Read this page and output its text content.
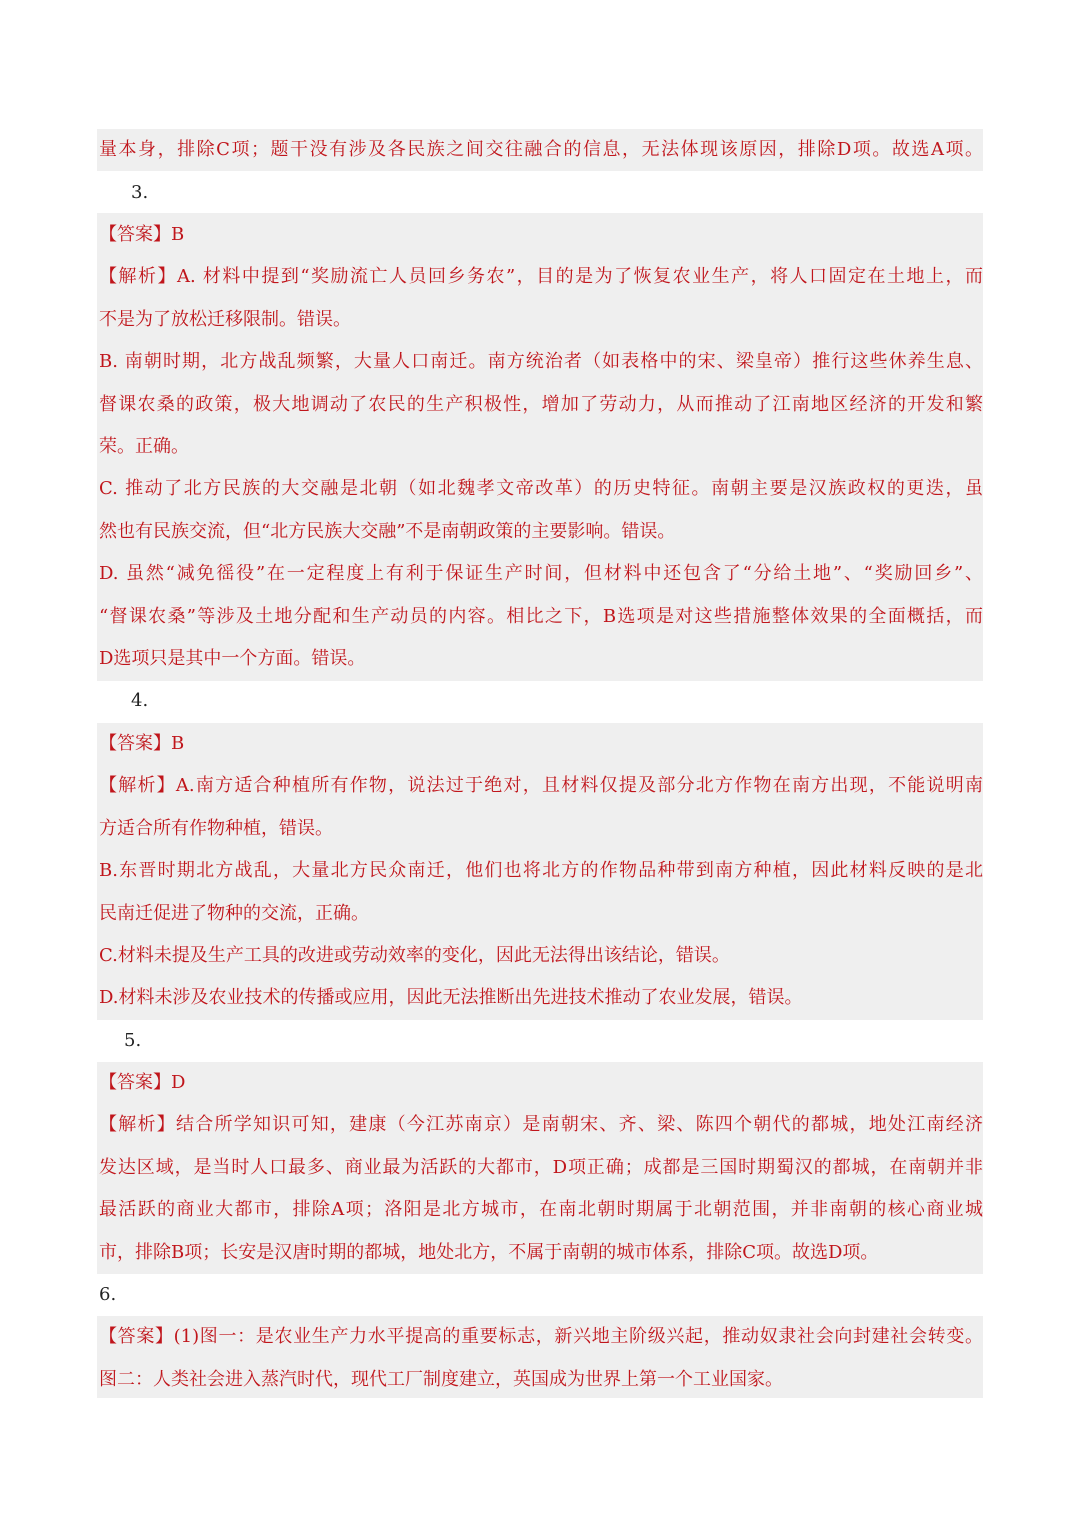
量本身，排除C项；题干没有涉及各民族之间交往融合的信息，无法体现该原因，排除D项。故选A项。
3.
【答案】B
【解析】A. 材料中提到“奖励流亡人员回乡务农”，目的是为了恢复农业生产，将人口固定在土地上，而
不是为了放松迁移限制。错误。
B. 南朝时期，北方战乱频繁，大量人口南迁。南方统治者（如表格中的宋、梁皇帝）推行这些休养生息、
督课农桑的政策，极大地调动了农民的生产积极性，增加了劳动力，从而推动了江南地区经济的开发和繁
荣。正确。
C. 推动了北方民族的大交融是北朝（如北魏孝文帝改革）的历史特征。南朝主要是汉族政权的更迭，虽
然也有民族交流，但“北方民族大交融”不是南朝政策的主要影响。错误。
D. 虽然“减免徭役”在一定程度上有利于保证生产时间，但材料中还包含了“分给土地”、“奖励回乡”、
“督课农桑”等涉及土地分配和生产动员的内容。相比之下，B选项是对这些措施整体效果的全面概括，而
D选项只是其中一个方面。错误。
4.
【答案】B
【解析】A.南方适合种植所有作物，说法过于绝对，且材料仅提及部分北方作物在南方出现，不能说明南
方适合所有作物种植，错误。
B.东晋时期北方战乱，大量北方民众南迁，他们也将北方的作物品种带到南方种植，因此材料反映的是北
民南迁促进了物种的交流，正确。
C.材料未提及生产工具的改进或劳动效率的变化，因此无法得出该结论，错误。
D.材料未涉及农业技术的传播或应用，因此无法推断出先进技术推动了农业发展，错误。
5.
【答案】D
【解析】结合所学知识可知，建康（今江苏南京）是南朝宋、齐、梁、陈四个朝代的都城，地处江南经济
发达区域，是当时人口最多、商业最为活跃的大都市，D项正确；成都是三国时期蜀汉的都城，在南朝并非
最活跃的商业大都市，排除A项；洛阳是北方城市，在南北朝时期属于北朝范围，并非南朝的核心商业城
市，排除B项；长安是汉唐时期的都城，地处北方，不属于南朝的城市体系，排除C项。故选D项。
6.
【答案】(1)图一：是农业生产力水平提高的重要标志，新兴地主阶级兴起，推动奴隶社会向封建社会转变。
图二：人类社会进入蒸汽时代，现代工厂制度建立，英国成为世界上第一个工业国家。
